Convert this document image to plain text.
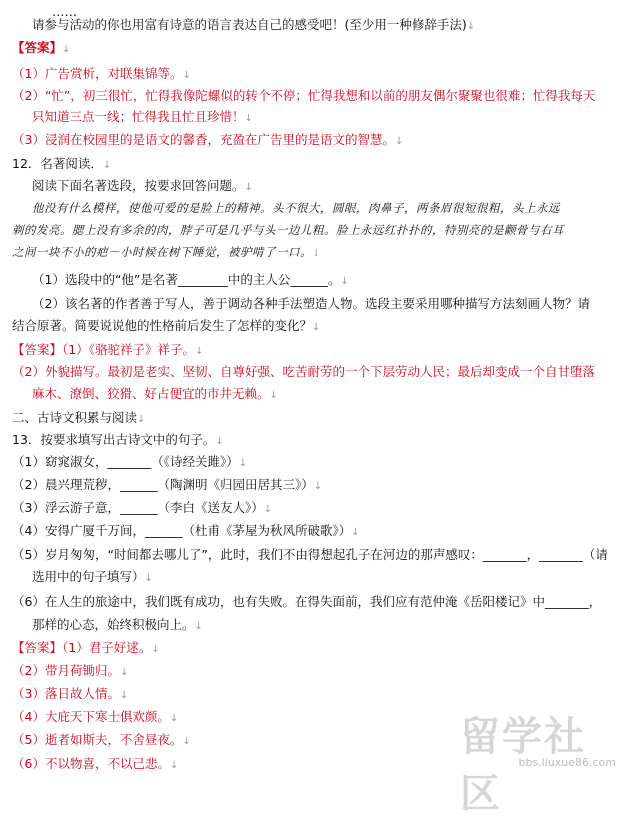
……
请参与活动的你也用富有诗意的语言表达自己的感受吧！(至少用一种修辞手法)↓
【答案】↓
（1）广告赏析，对联集锦等。↓
（2）“忙”，初三很忙，忙得我像陀螺似的转个不停；忙得我想和以前的朋友偶尔聚聚也很难；忙得我每天
只知道三点一线；忙得我且忙且珍惜！↓
（3）浸润在校园里的是语文的馨香，充盈在广告里的是语文的智慧。↓
12．名著阅读．↓
阅读下面名著选段，按要求回答问题。↓
他没有什么模样，使他可爱的是脸上的精神。头不很大，圆眼，肉鼻子，两条眉很短很粗，头上永远
剃的发亮。腮上没有多余的肉，脖子可是几乎与头一边儿粗。脸上永远红扑扑的，特别亮的是颧骨与右耳
之间一块不小的疤－小时候在树下睡觉，被驴啃了一口。↓
（1）选段中的“他”是名著________中的主人公______。↓
（2）该名著的作者善于写人，善于调动各种手法塑造人物。选段主要采用哪种描写方法刻画人物？请
结合原著。简要说说他的性格前后发生了怎样的变化？↓
【答案】（1）《骆驼祥子》祥子。↓
（2）外貌描写。最初是老实、坚韧、自尊好强、吃苦耐劳的一个下层劳动人民；最后却变成一个自甘堕落
麻木、潦倒、狡猾、好占便宜的市井无赖。↓
二、古诗文积累与阅读↓
13．按要求填写出古诗文中的句子。↓
（1）窈窕淑女，_______（《诗经关雎》）↓
（2）晨兴理荒秽，______（陶渊明《归园田居其三》）↓
（3）浮云游子意，______（李白《送友人》）↓
（4）安得广厦千万间，______（杜甫《茅屋为秋风所破歌》）↓
（5）岁月匆匆，“时间都去哪儿了”，此时，我们不由得想起孔子在河边的那声感叹：_______，_______（请
选用中的句子填写）↓
（6）在人生的旅途中，我们既有成功，也有失败。在得失面前，我们应有范仲淹《岳阳楼记》中_______，
那样的心态，始终积极向上。↓
【答案】（1）君子好逑。↓
（2）带月荷锄归。↓
（3）落日故人情。↓
（4）大庇天下寒士俱欢颜。↓
（5）逝者如斯夫，不舍昼夜。↓
（6）不以物喜，不以己悲。↓
留学社区
bbs.liuxue86.com
